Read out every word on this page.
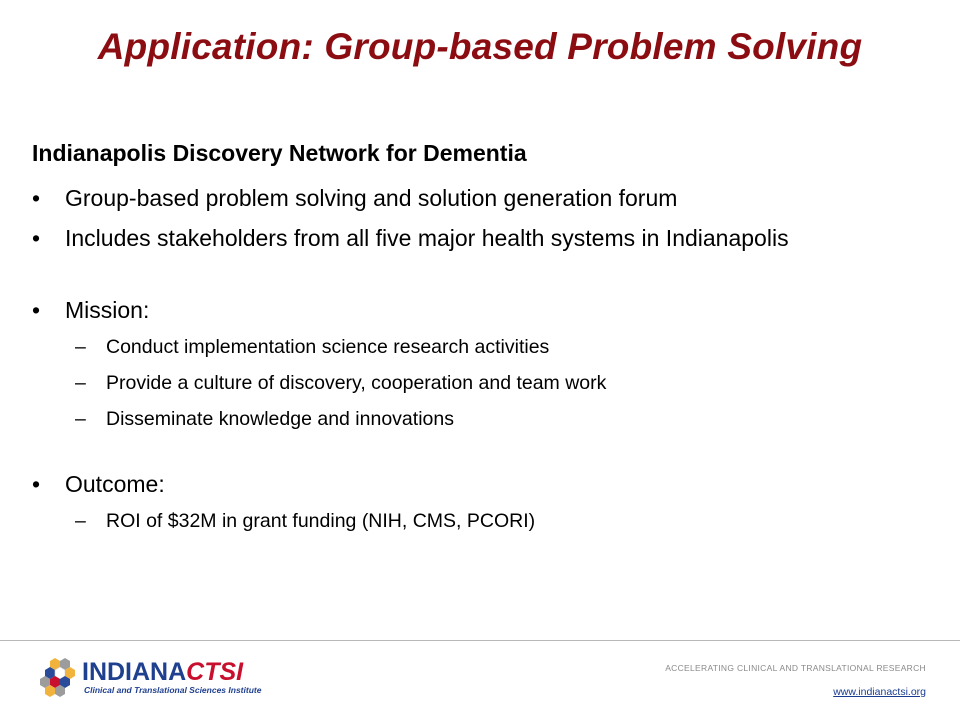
Application: Group-based Problem Solving
Indianapolis Discovery Network for Dementia
• Group-based problem solving and solution generation forum
• Includes stakeholders from all five major health systems in Indianapolis
• Mission:
– Conduct implementation science research activities
– Provide a culture of discovery, cooperation and team work
– Disseminate knowledge and innovations
• Outcome:
– ROI of $32M in grant funding (NIH, CMS, PCORI)
INDIANACTSI
Clinical and Translational Sciences Institute
ACCELERATING CLINICAL AND TRANSLATIONAL RESEARCH
www.indianactsi.org
